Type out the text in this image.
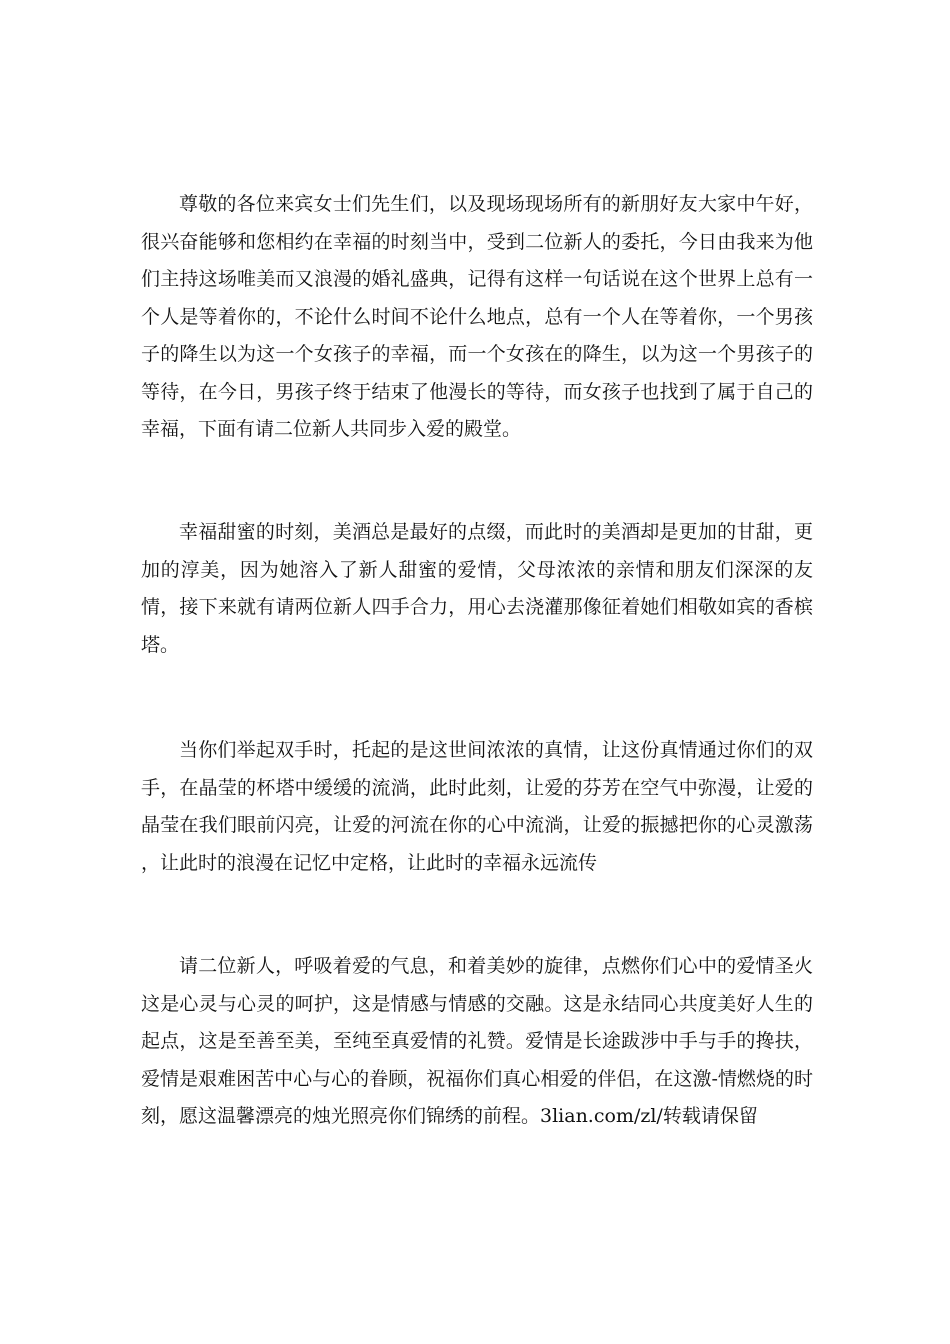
尊敬的各位来宾女士们先生们，以及现场现场所有的新朋好友大家中午好，很兴奋能够和您相约在幸福的时刻当中，受到二位新人的委托，今日由我来为他们主持这场唯美而又浪漫的婚礼盛典，记得有这样一句话说在这个世界上总有一个人是等着你的，不论什么时间不论什么地点，总有一个人在等着你，一个男孩子的降生以为这一个女孩子的幸福，而一个女孩在的降生，以为这一个男孩子的等待，在今日，男孩子终于结束了他漫长的等待，而女孩子也找到了属于自己的幸福，下面有请二位新人共同步入爱的殿堂。

幸福甜蜜的时刻，美酒总是最好的点缀，而此时的美酒却是更加的甘甜，更加的淳美，因为她溶入了新人甜蜜的爱情，父母浓浓的亲情和朋友们深深的友情，接下来就有请两位新人四手合力，用心去浇灌那像征着她们相敬如宾的香槟塔。

当你们举起双手时，托起的是这世间浓浓的真情，让这份真情通过你们的双手，在晶莹的杯塔中缓缓的流淌，此时此刻，让爱的芬芳在空气中弥漫，让爱的晶莹在我们眼前闪亮，让爱的河流在你的心中流淌，让爱的振撼把你的心灵激荡 ，让此时的浪漫在记忆中定格，让此时的幸福永远流传

请二位新人，呼吸着爱的气息，和着美妙的旋律，点燃你们心中的爱情圣火这是心灵与心灵的呵护，这是情感与情感的交融。这是永结同心共度美好人生的起点，这是至善至美，至纯至真爱情的礼赞。爱情是长途跋涉中手与手的搀扶，爱情是艰难困苦中心与心的眷顾，祝福你们真心相爱的伴侣，在这激-情燃烧的时刻，愿这温馨漂亮的烛光照亮你们锦绣的前程。3lian.com/zl/转载请保留
